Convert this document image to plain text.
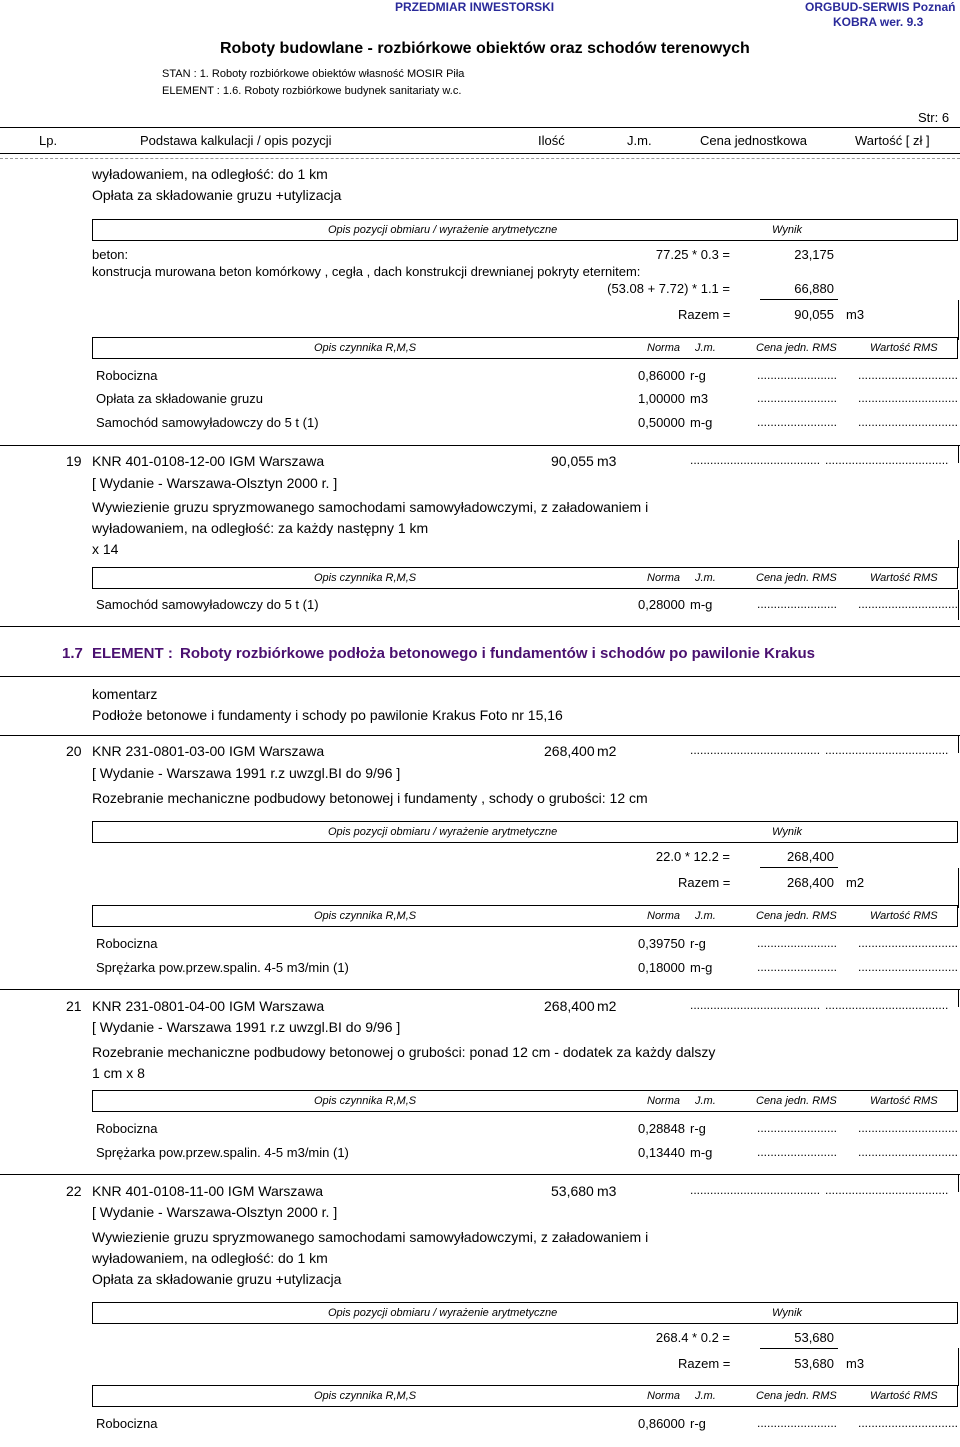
PRZEDMIAR INWESTORSKI	ORGBUD-SERWIS Poznań
KOBRA wer. 9.3
Roboty budowlane - rozbiórkowe obiektów oraz schodów terenowych
STAN : 1. Roboty rozbiórkowe obiektów własność MOSIR Piła
ELEMENT : 1.6. Roboty rozbiórkowe budynek sanitariaty w.c.
Str: 6
Lp.	Podstawa kalkulacji / opis pozycji	Ilość	J.m.	Cena jednostkowa	Wartość [ zł ]
wyładowaniem, na odległość: do 1 km
Opłata za składowanie gruzu +utylizacja
Opis pozycji obmiaru / wyrażenie arytmetyczne	Wynik
beton:	77.25 * 0.3 =	23,175
konstrucja murowana beton komórkowy , cegła , dach konstrukcji drewnianej pokryty eternitem:
(53.08 + 7.72) * 1.1 =	66,880
Razem =	90,055 m3
Opis czynnika R,M,S	Norma J.m.	Cena jedn. RMS	Wartość RMS
Robocizna	0,86000 r-g	........................ ..............................
Opłata za składowanie gruzu	1,00000 m3	........................ ..............................
Samochód samowyładowczy do 5 t (1)	0,50000 m-g	........................ ..............................
19 KNR 401-0108-12-00 IGM Warszawa	90,055 m3	....................................... .....................................
[ Wydanie - Warszawa-Olsztyn 2000 r. ]
Wywiezienie gruzu spryzmowanego samochodami samowyładowczymi, z załadowaniem i
wyładowaniem, na odległość: za każdy następny 1 km
x 14
Opis czynnika R,M,S	Norma J.m.	Cena jedn. RMS	Wartość RMS
Samochód samowyładowczy do 5 t (1)	0,28000 m-g	........................ ..............................
1.7 ELEMENT : Roboty rozbiórkowe podłoża betonowego i fundamentów i schodów po pawilonie Krakus
komentarz
Podłoże betonowe i fundamenty i schody po pawilonie Krakus Foto nr 15,16
20 KNR 231-0801-03-00 IGM Warszawa	268,400 m2	....................................... .....................................
[ Wydanie - Warszawa 1991 r.z uwzgl.BI do 9/96 ]
Rozebranie mechaniczne podbudowy betonowej i fundamenty , schody o grubości: 12 cm
Opis pozycji obmiaru / wyrażenie arytmetyczne	Wynik
22.0 * 12.2 =	268,400
Razem =	268,400 m2
Opis czynnika R,M,S	Norma J.m.	Cena jedn. RMS	Wartość RMS
Robocizna	0,39750 r-g	........................ ..............................
Sprężarka pow.przew.spalin. 4-5 m3/min (1)	0,18000 m-g	........................ ..............................
21 KNR 231-0801-04-00 IGM Warszawa	268,400 m2	....................................... .....................................
[ Wydanie - Warszawa 1991 r.z uwzgl.BI do 9/96 ]
Rozebranie mechaniczne podbudowy betonowej o grubości: ponad 12 cm - dodatek za każdy dalszy
1 cm x 8
Opis czynnika R,M,S	Norma J.m.	Cena jedn. RMS	Wartość RMS
Robocizna	0,28848 r-g	........................ ..............................
Sprężarka pow.przew.spalin. 4-5 m3/min (1)	0,13440 m-g	........................ ..............................
22 KNR 401-0108-11-00 IGM Warszawa	53,680 m3	....................................... .....................................
[ Wydanie - Warszawa-Olsztyn 2000 r. ]
Wywiezienie gruzu spryzmowanego samochodami samowyładowczymi, z załadowaniem i
wyładowaniem, na odległość: do 1 km
Opłata za składowanie gruzu +utylizacja
Opis pozycji obmiaru / wyrażenie arytmetyczne	Wynik
268.4 * 0.2 =	53,680
Razem =	53,680 m3
Opis czynnika R,M,S	Norma J.m.	Cena jedn. RMS	Wartość RMS
Robocizna	0,86000 r-g	........................ ..............................
